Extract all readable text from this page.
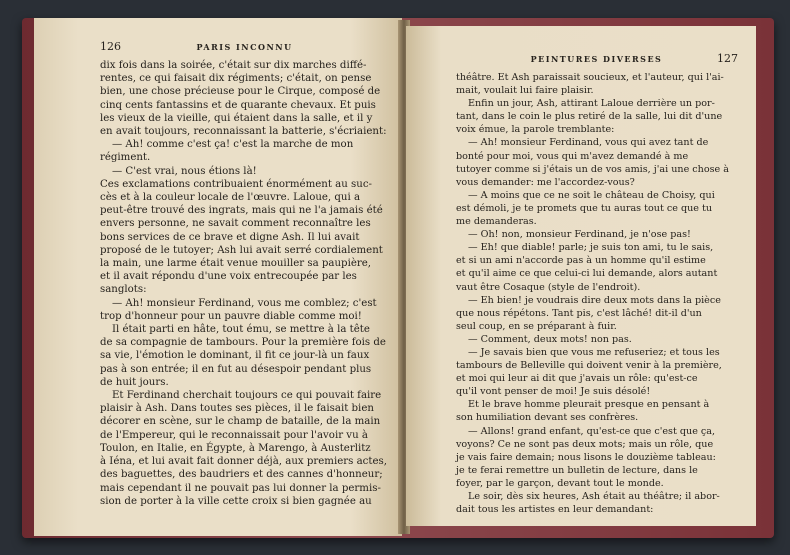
126	PARIS INCONNU

dix fois dans la soirée, c'était sur dix marches diffé-

rentes, ce qui faisait dix régiments; c'était, on pense

bien, une chose précieuse pour le Cirque, composé de

cinq cents fantassins et de quarante chevaux. Et puis

les vieux de la vieille, qui étaient dans la salle, et il y

en avait toujours, reconnaissant la batterie, s'écriaient:

— Ah! comme c'est ça! c'est la marche de mon

régiment.

— C'est vrai, nous étions là!

Ces exclamations contribuaient énormément au suc-

cès et à la couleur locale de l'œuvre. Laloue, qui a

peut-être trouvé des ingrats, mais qui ne l'a jamais été

envers personne, ne savait comment reconnaître les

bons services de ce brave et digne Ash. Il lui avait

proposé de le tutoyer; Ash lui avait serré cordialement

la main, une larme était venue mouiller sa paupière,

et il avait répondu d'une voix entrecoupée par les

sanglots:

— Ah! monsieur Ferdinand, vous me comblez; c'est

trop d'honneur pour un pauvre diable comme moi!

Il était parti en hâte, tout ému, se mettre à la tête

de sa compagnie de tambours. Pour la première fois de

sa vie, l'émotion le dominant, il fit ce jour-là un faux

pas à son entrée; il en fut au désespoir pendant plus

de huit jours.

Et Ferdinand cherchait toujours ce qui pouvait faire

plaisir à Ash. Dans toutes ses pièces, il le faisait bien

décorer en scène, sur le champ de bataille, de la main

de l'Empereur, qui le reconnaissait pour l'avoir vu à

Toulon, en Italie, en Égypte, à Marengo, à Austerlitz

à Iéna, et lui avait fait donner déjà, aux premiers actes,

des baguettes, des baudriers et des cannes d'honneur;

mais cependant il ne pouvait pas lui donner la permis-

sion de porter à la ville cette croix si bien gagnée au

PEINTURES DIVERSES	127

théâtre. Et Ash paraissait soucieux, et l'auteur, qui l'ai-

mait, voulait lui faire plaisir.

Enfin un jour, Ash, attirant Laloue derrière un por-

tant, dans le coin le plus retiré de la salle, lui dit d'une

voix émue, la parole tremblante:

— Ah! monsieur Ferdinand, vous qui avez tant de

bonté pour moi, vous qui m'avez demandé à me

tutoyer comme si j'étais un de vos amis, j'ai une chose à

vous demander: me l'accordez-vous?

— A moins que ce ne soit le château de Choisy, qui

est démoli, je te promets que tu auras tout ce que tu

me demanderas.

— Oh! non, monsieur Ferdinand, je n'ose pas!

— Eh! que diable! parle; je suis ton ami, tu le sais,

et si un ami n'accorde pas à un homme qu'il estime

et qu'il aime ce que celui-ci lui demande, alors autant

vaut être Cosaque (style de l'endroit).

— Eh bien! je voudrais dire deux mots dans la pièce

que nous répétons. Tant pis, c'est lâché! dit-il d'un

seul coup, en se préparant à fuir.

— Comment, deux mots! non pas.

— Je savais bien que vous me refuseriez; et tous les

tambours de Belleville qui doivent venir à la première,

et moi qui leur ai dit que j'avais un rôle: qu'est-ce

qu'il vont penser de moi! Je suis désolé!

Et le brave homme pleurait presque en pensant à

son humiliation devant ses confrères.

— Allons! grand enfant, qu'est-ce que c'est que ça,

voyons? Ce ne sont pas deux mots; mais un rôle, que

je vais faire demain; nous lisons le douzième tableau:

je te ferai remettre un bulletin de lecture, dans le

foyer, par le garçon, devant tout le monde.

Le soir, dès six heures, Ash était au théâtre; il abor-

dait tous les artistes en leur demandant:
